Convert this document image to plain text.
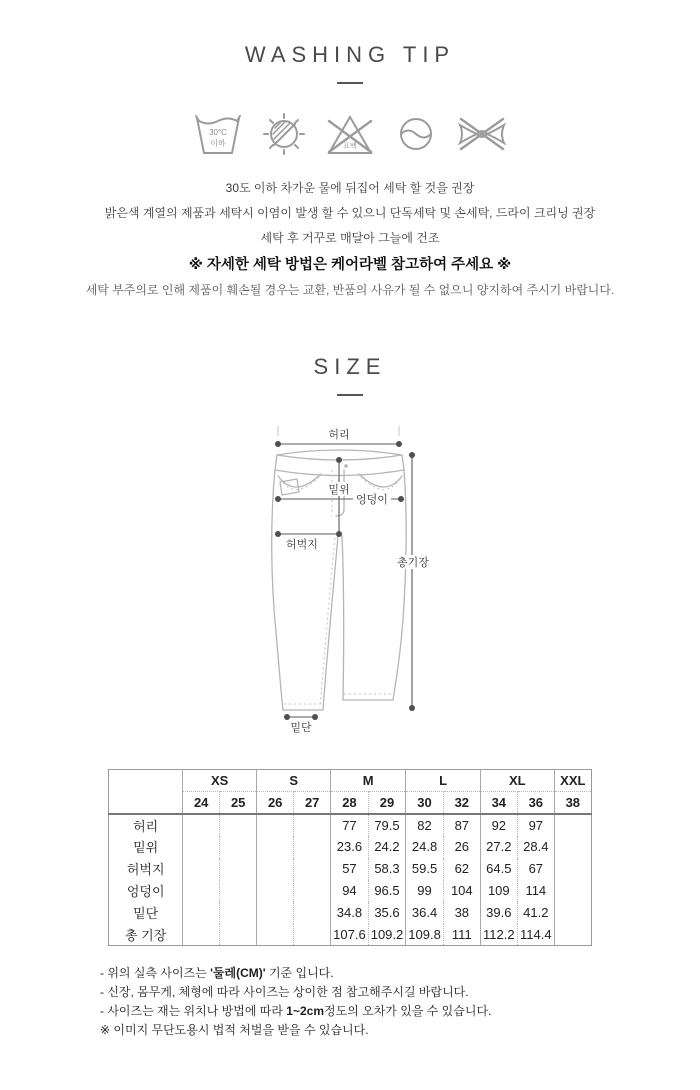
WASHING TIP
30°C
이하	표백
30도 이하 차가운 물에 뒤집어 세탁 할 것을 권장
밝은색 계열의 제품과 세탁시 이염이 발생 할 수 있으니 단독세탁 및 손세탁, 드라이 크리닝 권장
세탁 후 거꾸로 매달아 그늘에 건조
※ 자세한 세탁 방법은 케어라벨 참고하여 주세요 ※
세탁 부주의로 인해 제품이 훼손될 경우는 교환, 반품의 사유가 될 수 없으니 양지하여 주시기 바랍니다.
SIZE
허리
밑위
엉덩이
허벅지
총기장
밑단
	XS		S		M		L		XL		XXL
	24	25	26	27	28	29	30	32	34	36	38
허리					77	79.5	82	87	92	97	
밑위					23.6	24.2	24.8	26	27.2	28.4	
허벅지					57	58.3	59.5	62	64.5	67	
엉덩이					94	96.5	99	104	109	114	
밑단					34.8	35.6	36.4	38	39.6	41.2	
총 기장					107.6	109.2	109.8	111	112.2	114.4	
- 위의 실측 사이즈는 '둘레(CM)' 기준 입니다.
- 신장, 몸무게, 체형에 따라 사이즈는 상이한 점 참고해주시길 바랍니다.
- 사이즈는 재는 위치나 방법에 따라 1~2cm정도의 오차가 있을 수 있습니다.
※ 이미지 무단도용시 법적 처벌을 받을 수 있습니다.
